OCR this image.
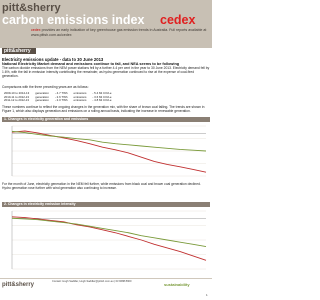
pitt&sherry
carbon emissions index cedex
cedex provides an early indication of key greenhouse gas emission trends in Australia. Full reports available at www.pittsh.com.au/cedex
pitt&sherry
Electricity emissions update - data to 30 June 2013
National Electricity Market demand and emissions continue to fall, and NEA seems to be following
The carbon dioxide emissions from the NEM power stations fell by a further 4.4 per cent in the year to 30 June 2013. Electricity demand fell by 1.6%, with the fall in emission intensity contributing the remainder, as hydro generation continued to rise at the expense of coal-fired generation.
Comparisons with the three preceding years are as follows:
2009-10 to 2012-13	generation	- 4.7 TWh	emissions	- 5.4 Mt CO2-e
2010-11 to 2012-13	generation	- 2.6 TWh	emissions	- 3.6 Mt CO2-e
2011-12 to 2012-13	generation	- 2.0 TWh	emissions	- 4.8 Mt CO2-e
These numbers continue to reflect the ongoing changes in the generation mix, with the share of brown coal falling. The trends are shown in Figure 1, which also displays generation and emissions on a rolling annual basis, indicating the increase in renewable generation.
1. Changes in electricity generation and emissions
For the month of June, electricity generation in the NEM fell further, while emissions from black coal and brown coal generation declined. Hydro generation rose further with wind generation also continuing to increase.
2. Changes in electricity emission intensity
pitt&sherry
Contact: Hugh Saddler, Hugh.Saddler@pittsh.com.au | 03 9688 8900
sustainability
1
